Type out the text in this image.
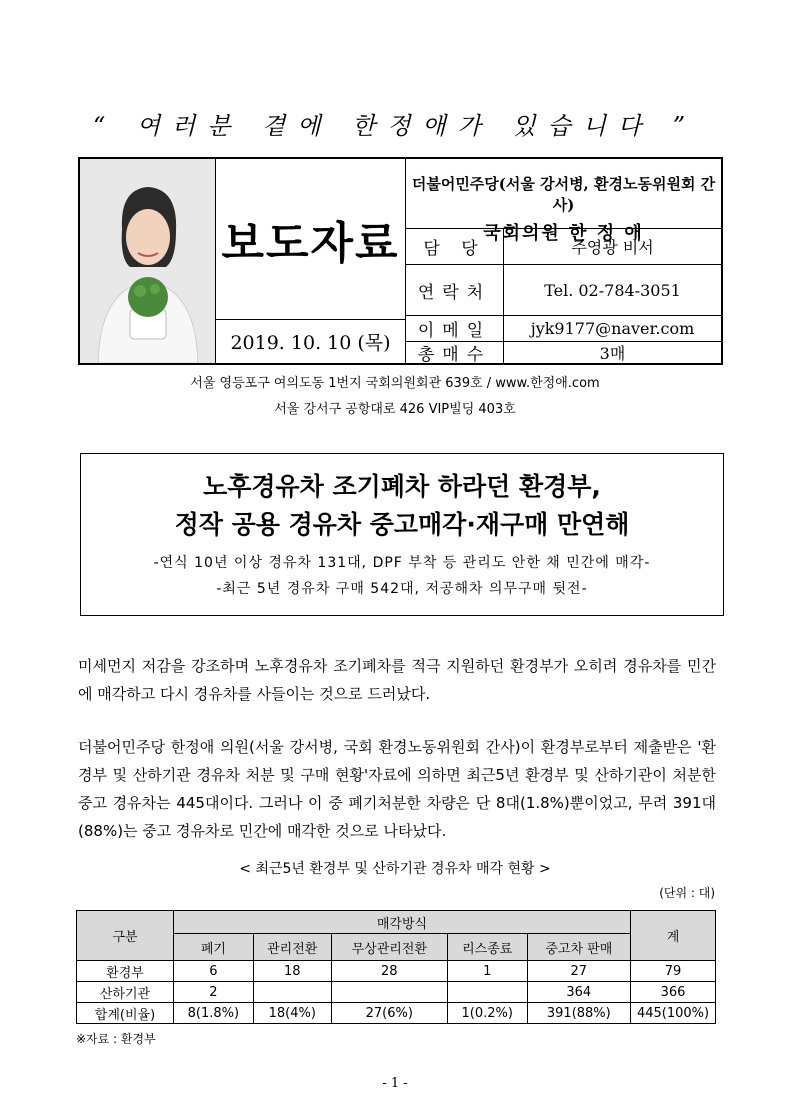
“ 여러분 곁에 한정애가 있습니다 ”
보도자료
2019. 10. 10 (목)
더불어민주당(서울 강서병, 환경노동위원회 간사)
국회의원 한 정 애
담 당	주영광 비서
연락처	Tel. 02-784-3051
이메일	jyk9177@naver.com
총매수	3매
서울 영등포구 여의도동 1번지 국회의원회관 639호 / www.한정애.com
서울 강서구 공항대로 426 VIP빌딩 403호
노후경유차 조기폐차 하라던 환경부,
정작 공용 경유차 중고매각·재구매 만연해
-연식 10년 이상 경유차 131대, DPF 부착 등 관리도 안한 채 민간에 매각-
-최근 5년 경유차 구매 542대, 저공해차 의무구매 뒷전-
미세먼지 저감을 강조하며 노후경유차 조기폐차를 적극 지원하던 환경부가 오히려 경유차를 민간에 매각하고 다시 경유차를 사들이는 것으로 드러났다.
더불어민주당 한정애 의원(서울 강서병, 국회 환경노동위원회 간사)이 환경부로부터 제출받은 '환경부 및 산하기관 경유차 처분 및 구매 현황'자료에 의하면 최근5년 환경부 및 산하기관이 처분한 중고 경유차는 445대이다. 그러나 이 중 폐기처분한 차량은 단 8대(1.8%)뿐이었고, 무려 391대(88%)는 중고 경유차로 민간에 매각한 것으로 나타났다.
< 최근5년 환경부 및 산하기관 경유차 매각 현황 >
(단위 : 대)
구분	매각방식					계
	폐기	관리전환	무상관리전환	리스종료	중고차 판매	
환경부	6	18	28	1	27	79
산하기관	2				364	366
합계(비율)	8(1.8%)	18(4%)	27(6%)	1(0.2%)	391(88%)	445(100%)
※자료 : 환경부
- 1 -
